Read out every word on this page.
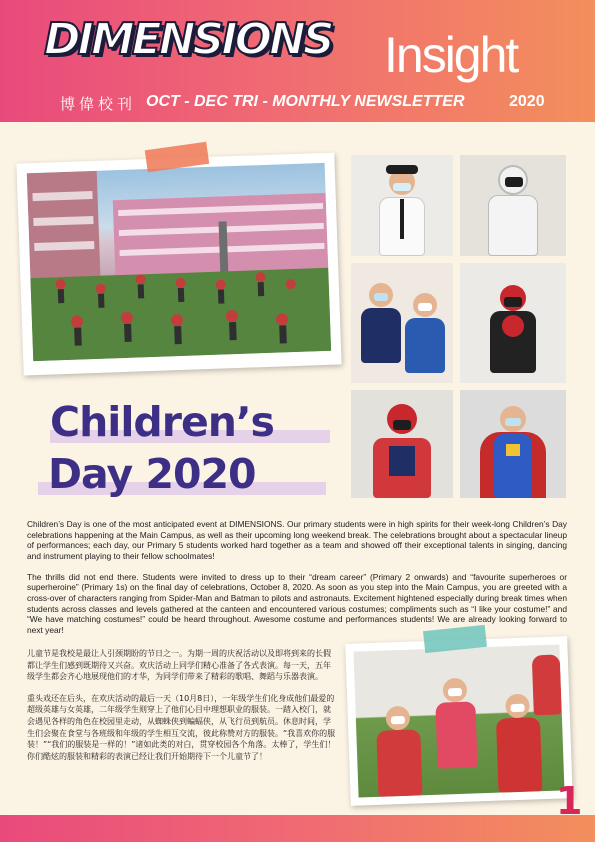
DIMENSIONS Insight
博偉校刊 OCT - DEC TRI - MONTHLY NEWSLETTER	2020
Children’s
Day 2020

Children’s Day is one of the most anticipated event at DIMENSIONS. Our primary students were in high spirits for their week-long Children’s Day celebrations happening at the Main Campus, as well as their upcoming long weekend break. The celebrations brought about a spectacular lineup of performances; each day, our Primary 5 students worked hard together as a team and showed off their exceptional talents in singing, dancing and instrument playing to their fellow schoolmates!

The thrills did not end there. Students were invited to dress up to their “dream career” (Primary 2 onwards) and “favourite superheroes or superheroine” (Primary 1s) on the final day of celebrations, October 8, 2020. As soon as you step into the Main Campus, you are greeted with a cross-over of characters ranging from Spider-Man and Batman to pilots and astronauts. Excitement hightened especially during break times when students across classes and levels gathered at the canteen and encountered various costumes; compliments such as “I like your costume!” and “We have matching costumes!” could be heard throughout. Awesome costume and performances students! We are already looking forward to next year!

儿童节是我校是最让人引颈期盼的节日之一。为期一周的庆祝活动以及即将到来的长假都让学生们感到既期待又兴奋。欢庆活动上同学们精心准备了各式表演。每一天，五年级学生都会齐心地展现他们的才华，为同学们带来了精彩的歌唱、舞蹈与乐器表演。

重头戏还在后头，在欢庆活动的最后一天（10月8日），一年级学生们化身成他们最爱的超级英雄与女英雄，二年级学生则穿上了他们心目中理想职业的服装。一踏入校门，就会遇见各样的角色在校园里走动，从蜘蛛侠到蝙蝠侠，从飞行员到航员。休息时间，学生们会聚在食堂与各班级和年级的学生相互交流，彼此称赞对方的服装。“我喜欢你的服装！”“我们的服装是一样的！”诸如此类的对白，贯穿校园各个角落。太棒了，学生们！你们酷炫的服装和精彩的表演已经让我们开始期待下一个儿童节了！

1
